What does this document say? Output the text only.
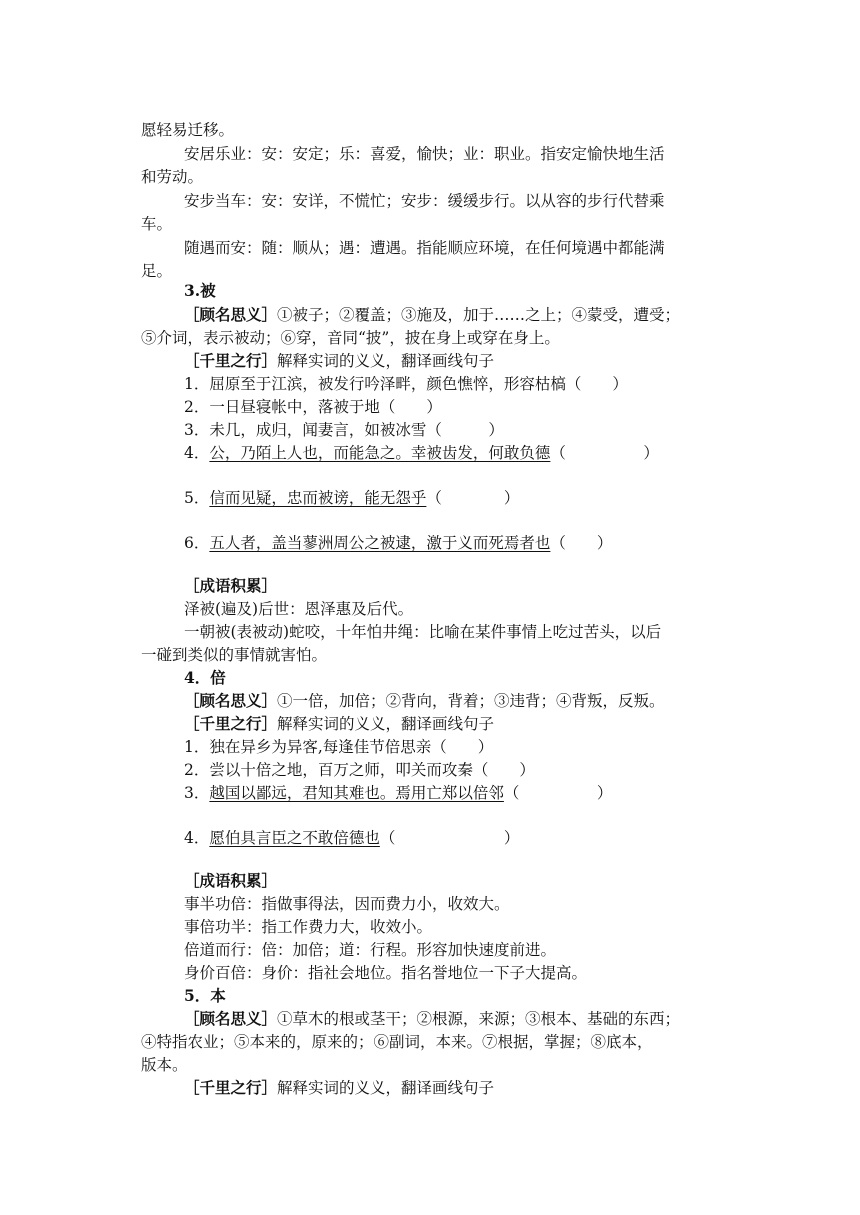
愿轻易迁移。
安居乐业：安：安定；乐：喜爱，愉快；业：职业。指安定愉快地生活
和劳动。
安步当车：安：安详，不慌忙；安步：缓缓步行。以从容的步行代替乘
车。
随遇而安：随：顺从；遇：遭遇。指能顺应环境，在任何境遇中都能满
足。
3.被
［顾名思义］①被子；②覆盖；③施及，加于……之上；④蒙受，遭受；
⑤介词，表示被动；⑥穿，音同“披”，披在身上或穿在身上。
［千里之行］解释实词的义义，翻译画线句子
1．屈原至于江滨，被发行吟泽畔，颜色憔悴，形容枯槁（　　）
2．一日昼寝帐中，落被于地（　　）
3．未几，成归，闻妻言，如被冰雪（　　　）
4．公，乃陌上人也，而能急之。幸被齿发，何敢负德（　　　　　）
5．信而见疑，忠而被谤，能无怨乎（　　　　）
6．五人者，盖当蓼洲周公之被逮，激于义而死焉者也（　　）
［成语积累］
泽被(遍及)后世：恩泽惠及后代。
一朝被(表被动)蛇咬，十年怕井绳：比喻在某件事情上吃过苦头，以后
一碰到类似的事情就害怕。
4．倍
［顾名思义］①一倍，加倍；②背向，背着；③违背；④背叛，反叛。
［千里之行］解释实词的义义，翻译画线句子
1．独在异乡为异客,每逢佳节倍思亲（　　）
2．尝以十倍之地，百万之师，叩关而攻秦（　　）
3．越国以鄙远，君知其难也。焉用亡郑以倍邻（　　　　　）
4．愿伯具言臣之不敢倍德也（　　　　　　　）
［成语积累］
事半功倍：指做事得法，因而费力小，收效大。
事倍功半：指工作费力大，收效小。
倍道而行：倍：加倍；道：行程。形容加快速度前进。
身价百倍：身价：指社会地位。指名誉地位一下子大提高。
5．本
［顾名思义］①草木的根或茎干；②根源，来源；③根本、基础的东西；
④特指农业；⑤本来的，原来的；⑥副词，本来。⑦根据，掌握；⑧底本，
版本。
［千里之行］解释实词的义义，翻译画线句子
